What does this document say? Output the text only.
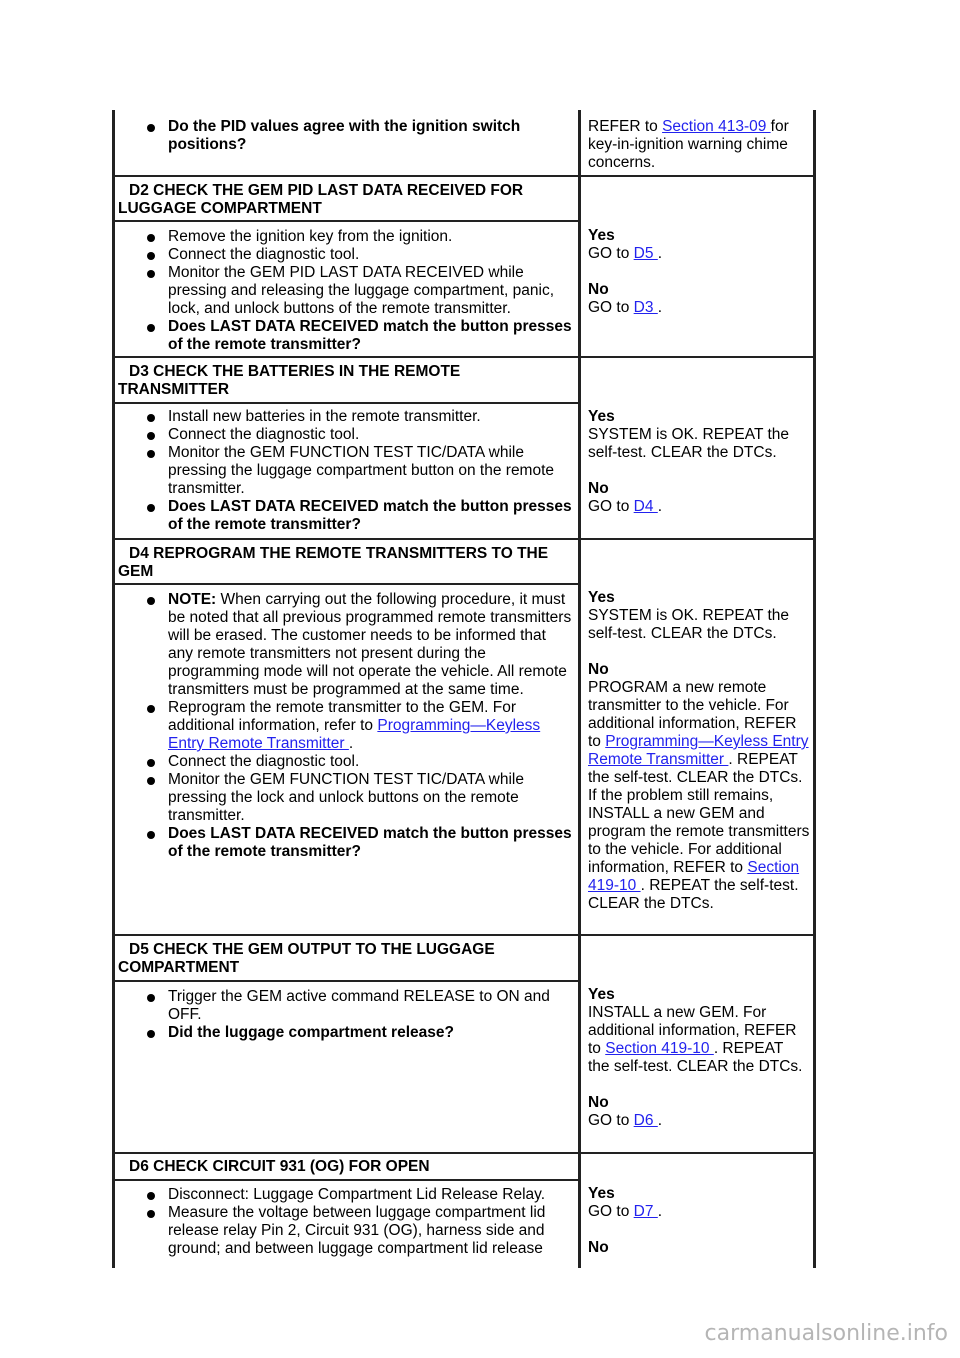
Do the PID values agree with the ignition switch positions?

REFER to Section 413-09 for key-in-ignition warning chime concerns.

D2 CHECK THE GEM PID LAST DATA RECEIVED FOR LUGGAGE COMPARTMENT
Remove the ignition key from the ignition.
Connect the diagnostic tool.
Monitor the GEM PID LAST DATA RECEIVED while pressing and releasing the luggage compartment, panic, lock, and unlock buttons of the remote transmitter.
Does LAST DATA RECEIVED match the button presses of the remote transmitter?

Yes

GO to D5 .

No

GO to D3 .

D3 CHECK THE BATTERIES IN THE REMOTE TRANSMITTER
Install new batteries in the remote transmitter.
Connect the diagnostic tool.
Monitor the GEM FUNCTION TEST TIC/DATA while pressing the luggage compartment button on the remote transmitter.
Does LAST DATA RECEIVED match the button presses of the remote transmitter?

Yes

SYSTEM is OK. REPEAT the self-test. CLEAR the DTCs.

No

GO to D4 .

D4 REPROGRAM THE REMOTE TRANSMITTERS TO THE GEM
NOTE: When carrying out the following procedure, it must be noted that all previous programmed remote transmitters will be erased. The customer needs to be informed that any remote transmitters not present during the programming mode will not operate the vehicle. All remote transmitters must be programmed at the same time.
Reprogram the remote transmitter to the GEM. For additional information, refer to Programming—Keyless Entry Remote Transmitter .
Connect the diagnostic tool.
Monitor the GEM FUNCTION TEST TIC/DATA while pressing the lock and unlock buttons on the remote transmitter.
Does LAST DATA RECEIVED match the button presses of the remote transmitter?

Yes

SYSTEM is OK. REPEAT the self-test. CLEAR the DTCs.

No

PROGRAM a new remote transmitter to the vehicle. For additional information, REFER to Programming—Keyless Entry Remote Transmitter . REPEAT the self-test. CLEAR the DTCs. If the problem still remains, INSTALL a new GEM and program the remote transmitters to the vehicle. For additional information, REFER to Section 419-10 . REPEAT the self-test. CLEAR the DTCs.

D5 CHECK THE GEM OUTPUT TO THE LUGGAGE COMPARTMENT
Trigger the GEM active command RELEASE to ON and OFF.
Did the luggage compartment release?

Yes

INSTALL a new GEM. For additional information, REFER to Section 419-10 . REPEAT the self-test. CLEAR the DTCs.

No

GO to D6 .

D6 CHECK CIRCUIT 931 (OG) FOR OPEN
Disconnect: Luggage Compartment Lid Release Relay.
Measure the voltage between luggage compartment lid release relay Pin 2, Circuit 931 (OG), harness side and ground; and between luggage compartment lid release

Yes

GO to D7 .

No

carmanualsonline.info
